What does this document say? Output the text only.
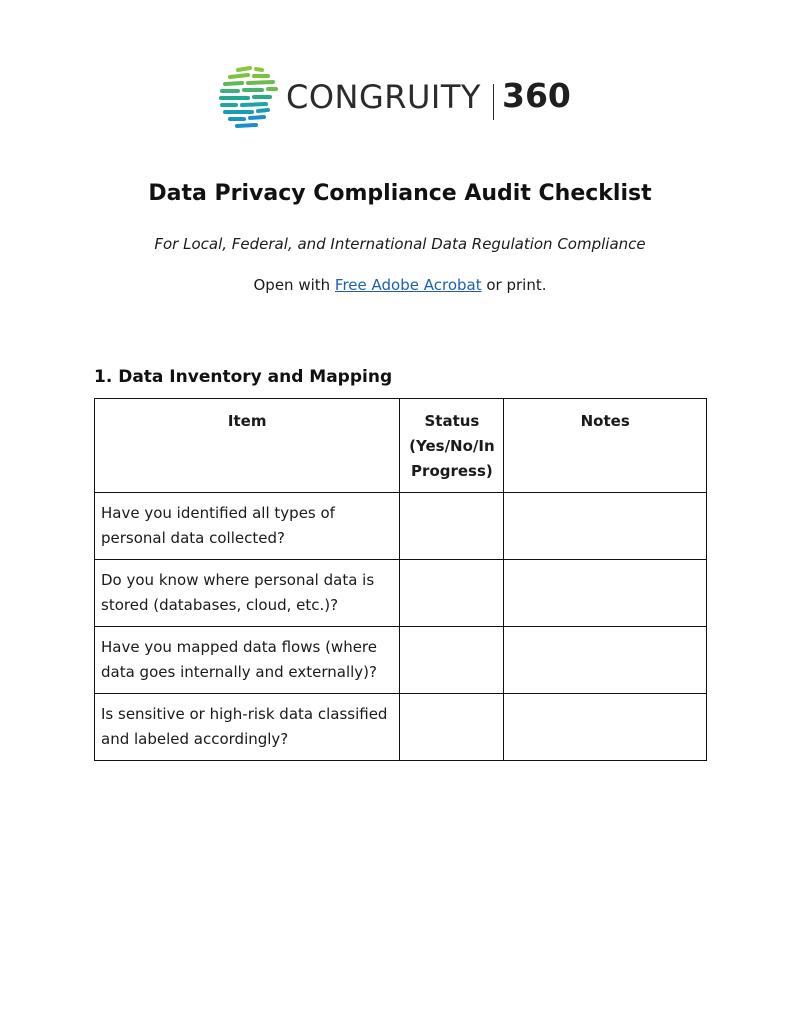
CONGRUITY 360
Data Privacy Compliance Audit Checklist
For Local, Federal, and International Data Regulation Compliance
Open with Free Adobe Acrobat or print.
1. Data Inventory and Mapping
Item	Status (Yes/No/In Progress)	Notes
Have you identified all types of personal data collected?		
Do you know where personal data is stored (databases, cloud, etc.)?		
Have you mapped data flows (where data goes internally and externally)?		
Is sensitive or high-risk data classified and labeled accordingly?		
